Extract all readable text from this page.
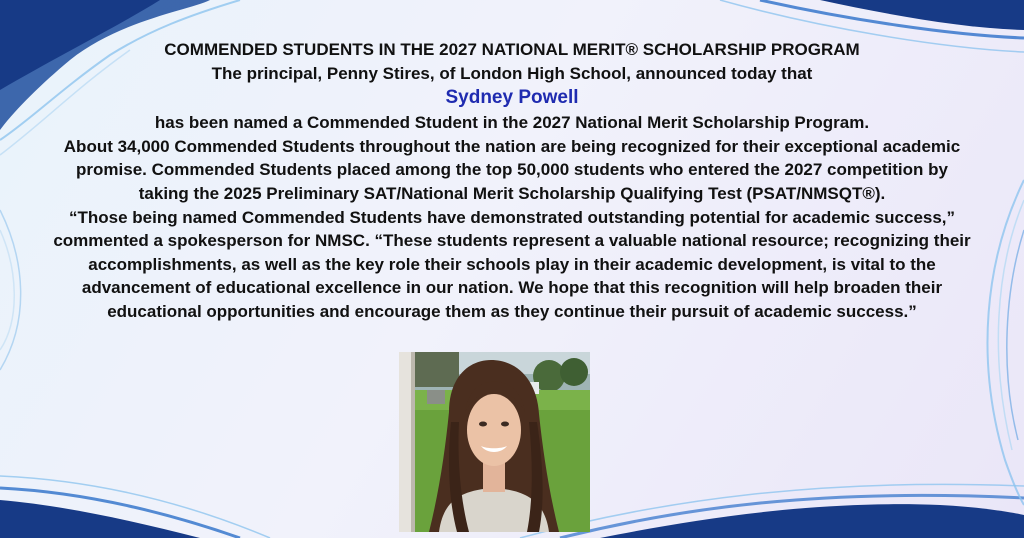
COMMENDED STUDENTS IN THE 2027 NATIONAL MERIT® SCHOLARSHIP PROGRAM

The principal, Penny Stires, of London High School, announced today that

Sydney Powell

has been named a Commended Student in the 2027 National Merit Scholarship Program.

About 34,000 Commended Students throughout the nation are being recognized for their exceptional academic

promise. Commended Students placed among the top 50,000 students who entered the 2027 competition by

taking the 2025 Preliminary SAT/National Merit Scholarship Qualifying Test (PSAT/NMSQT®).

“Those being named Commended Students have demonstrated outstanding potential for academic success,”

commented a spokesperson for NMSC. “These students represent a valuable national resource; recognizing their

accomplishments, as well as the key role their schools play in their academic development, is vital to the

advancement of educational excellence in our nation. We hope that this recognition will help broaden their

educational opportunities and encourage them as they continue their pursuit of academic success.”
